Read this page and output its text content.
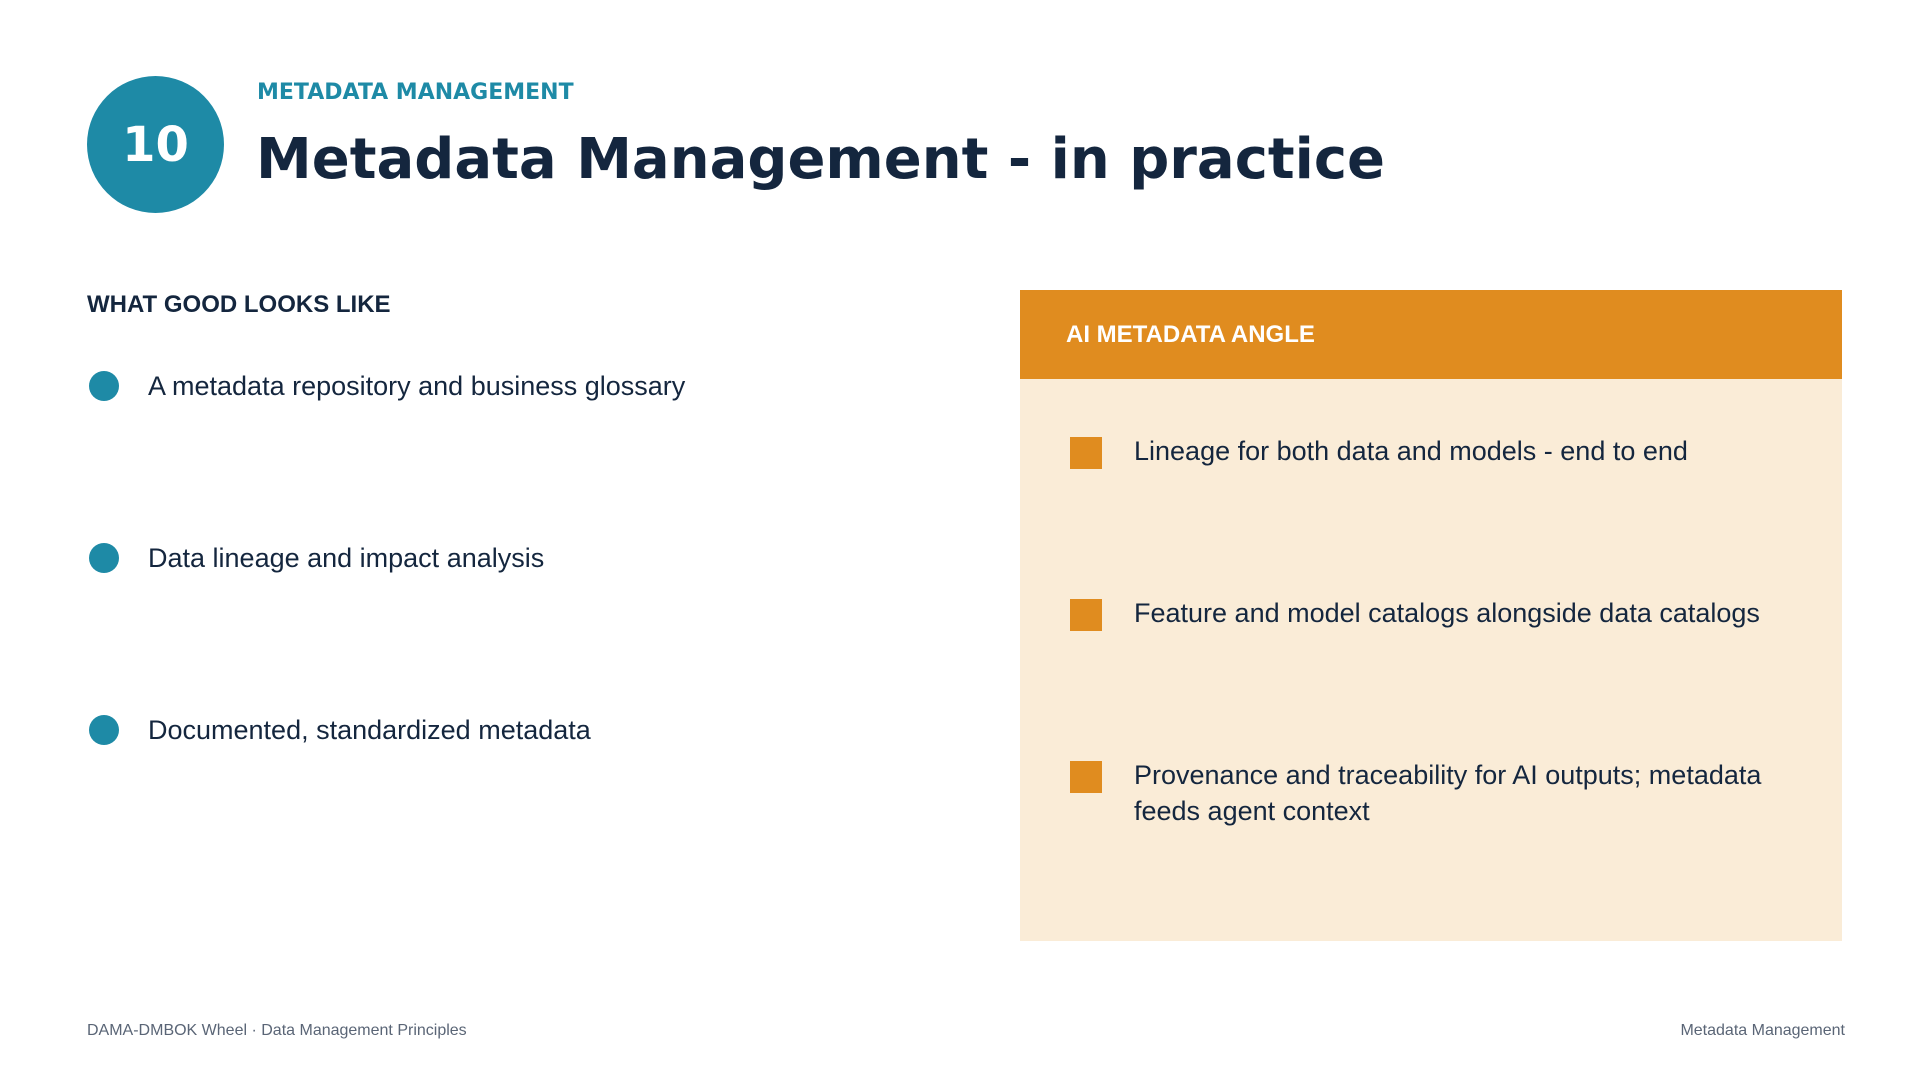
10
METADATA MANAGEMENT
Metadata Management - in practice
WHAT GOOD LOOKS LIKE
A metadata repository and business glossary
Data lineage and impact analysis
Documented, standardized metadata
AI METADATA ANGLE
Lineage for both data and models - end to end
Feature and model catalogs alongside data catalogs
Provenance and traceability for AI outputs; metadata feeds agent context
DAMA-DMBOK Wheel · Data Management Principles	Metadata Management
